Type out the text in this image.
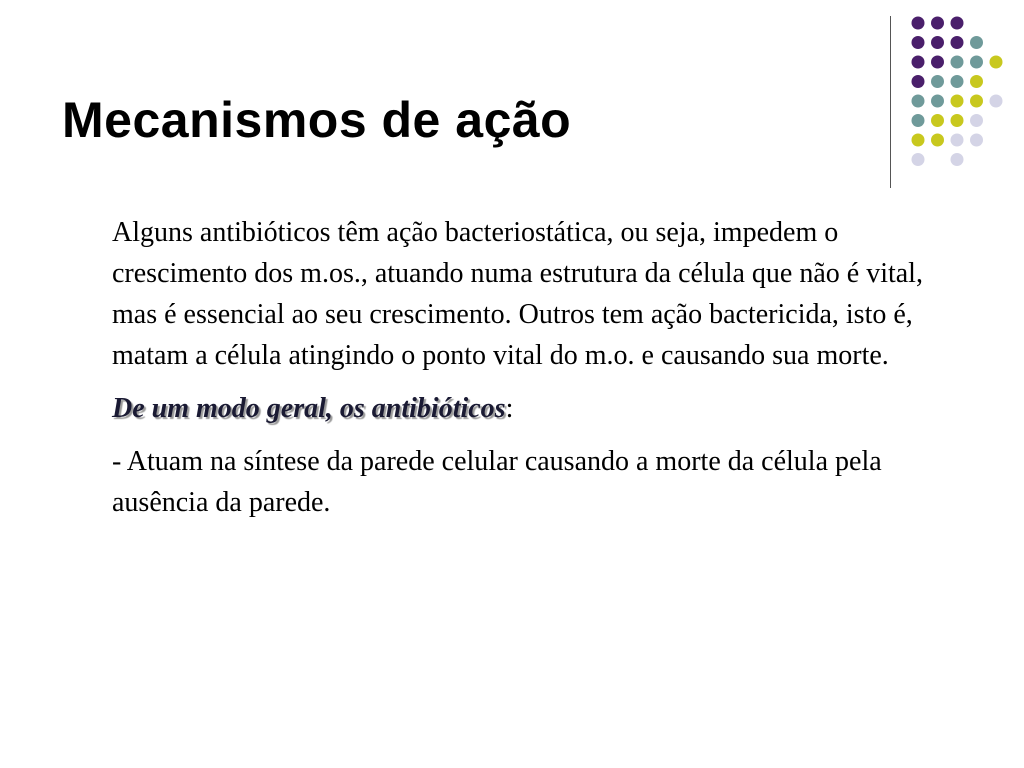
Mecanismos de ação

Alguns antibióticos têm ação bacteriostática, ou seja, impedem o crescimento dos m.os., atuando numa estrutura da célula que não é vital, mas é essencial ao seu crescimento. Outros tem ação bactericida, isto é, matam a célula atingindo o ponto vital do m.o. e causando sua morte.

De um modo geral, os antibióticos:

- Atuam na síntese da parede celular causando a morte da célula pela ausência da parede.
